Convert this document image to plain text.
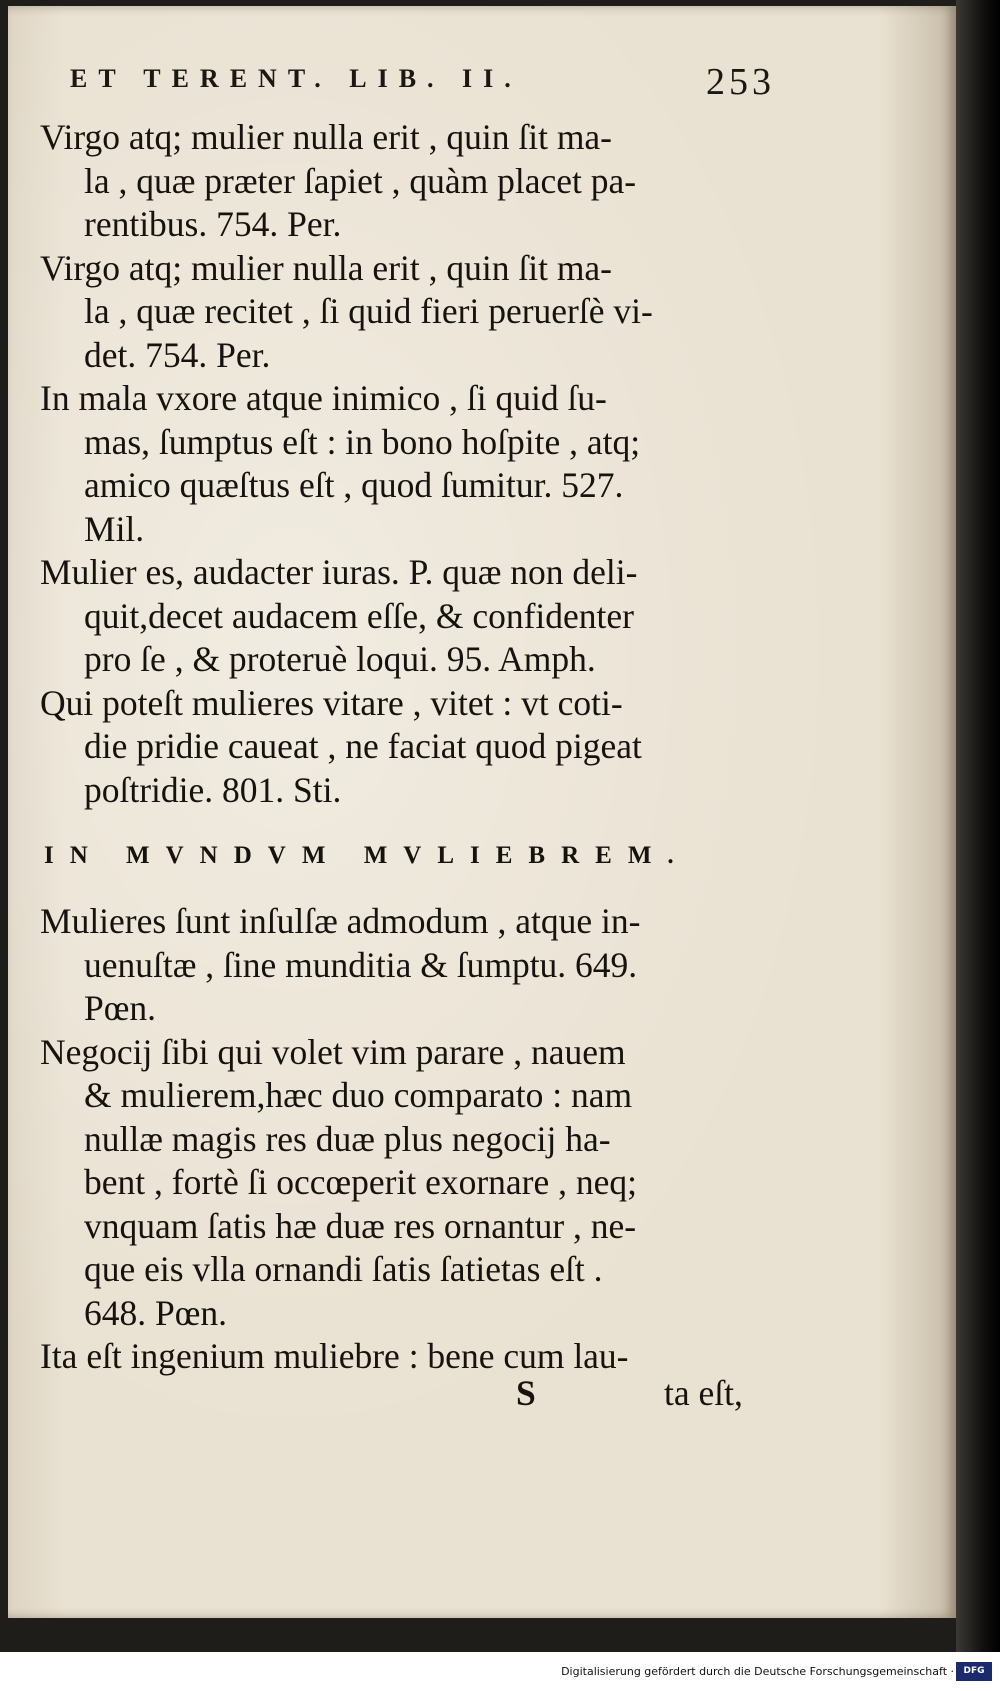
ET TERENT. LIB. II.	253
Virgo atq; mulier nulla erit , quin ſit ma-
la , quæ præter ſapiet , quàm placet pa-
rentibus. 754. Per.
Virgo atq; mulier nulla erit , quin ſit ma-
la , quæ recitet , ſi quid fieri peruerſè vi-
det. 754. Per.
In mala vxore atque inimico , ſi quid ſu-
mas, ſumptus eſt : in bono hoſpite , atq;
amico quæſtus eſt , quod ſumitur. 527.
Mil.
Mulier es, audacter iuras. P. quæ non deli-
quit,decet audacem eſſe, & confidenter
pro ſe , & proteruè loqui. 95. Amph.
Qui poteſt mulieres vitare , vitet : vt coti-
die pridie caueat , ne faciat quod pigeat
poſtridie. 801. Sti.
IN MVNDVM MVLIEBREM.
Mulieres ſunt inſulſæ admodum , atque in-
uenuſtæ , ſine munditia & ſumptu. 649.
Pœn.
Negocij ſibi qui volet vim parare , nauem
& mulierem,hæc duo comparato : nam
nullæ magis res duæ plus negocij ha-
bent , fortè ſi occœperit exornare , neq;
vnquam ſatis hæ duæ res ornantur , ne-
que eis vlla ornandi ſatis ſatietas eſt .
648. Pœn.
Ita eſt ingenium muliebre : bene cum lau-
S	ta eſt,
Digitalisierung gefördert durch die Deutsche Forschungsgemeinschaft ·	DFG
